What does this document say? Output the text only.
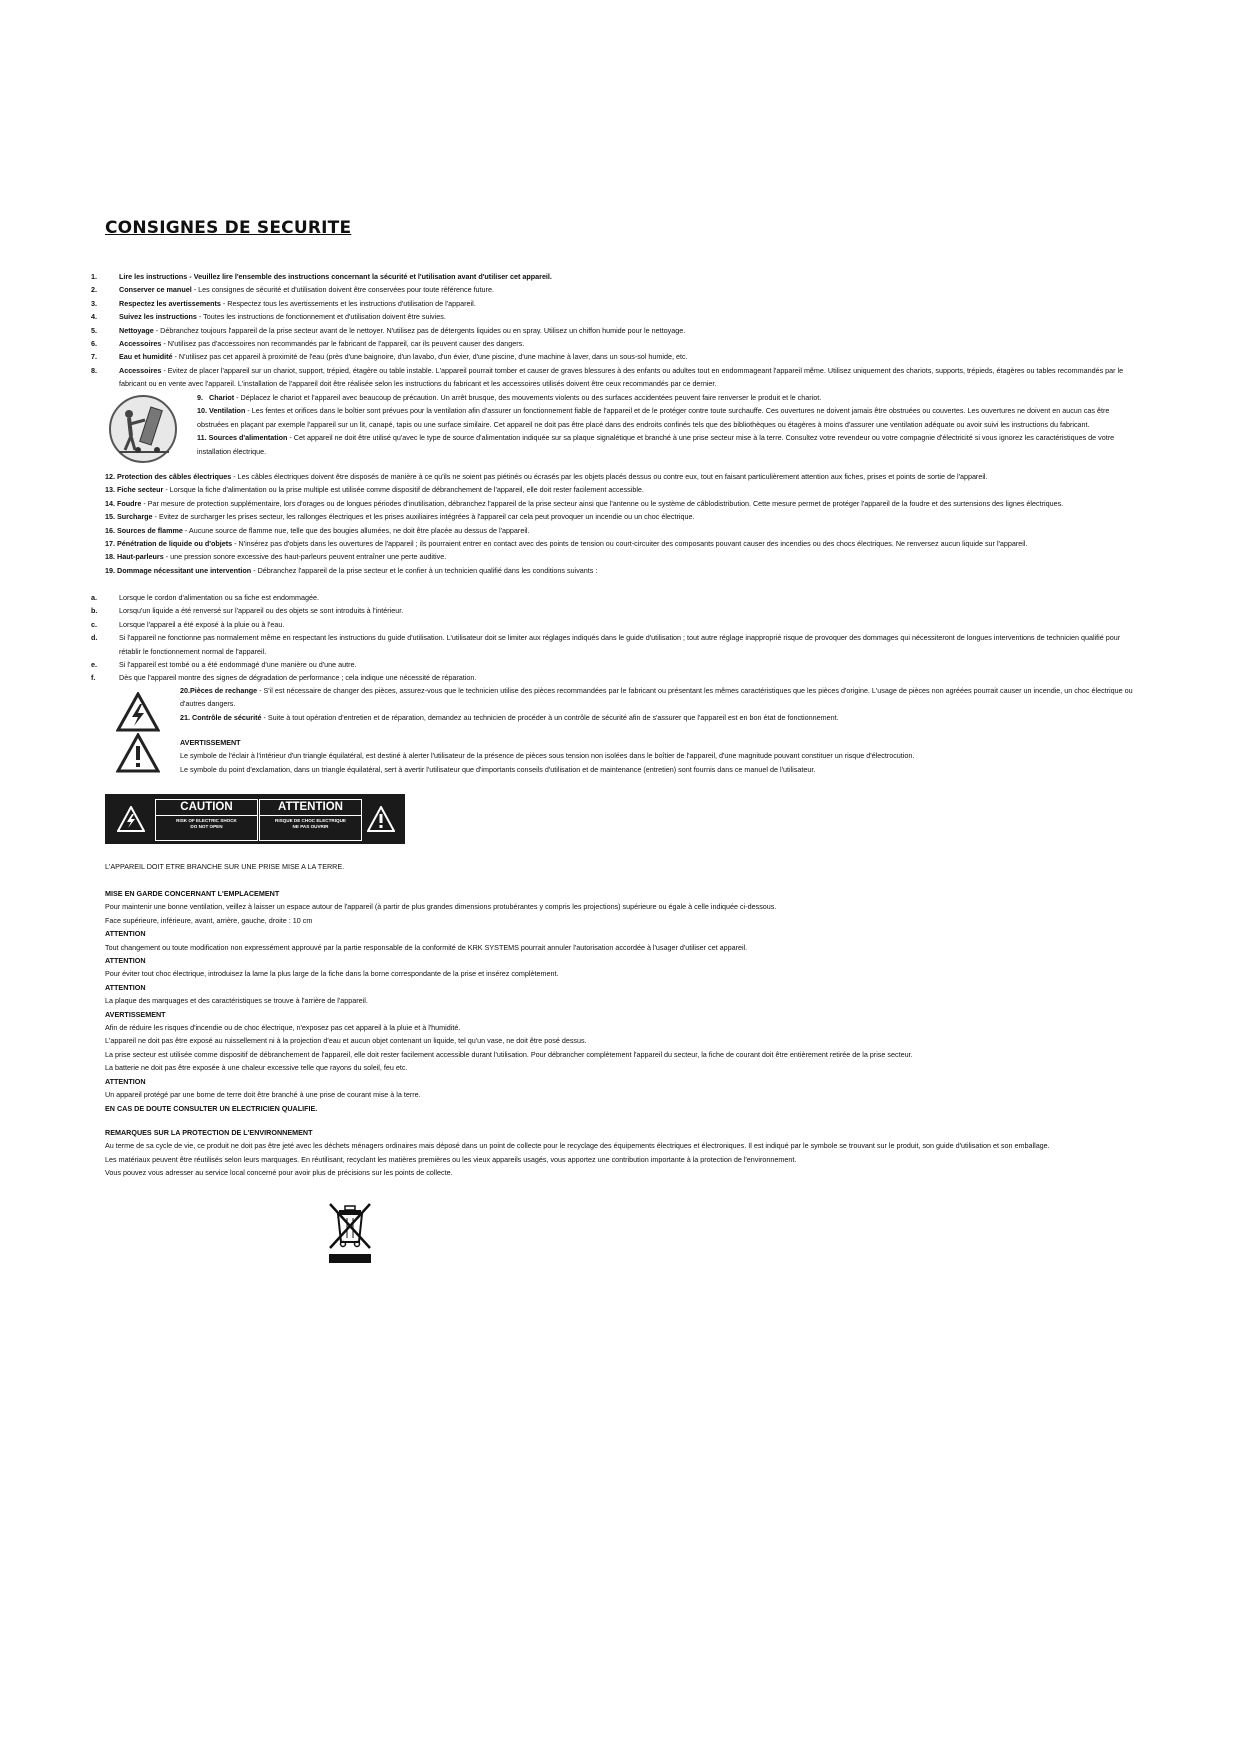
CONSIGNES DE SECURITE
1.	Lire les instructions - Veuillez lire l'ensemble des instructions concernant la sécurité et l'utilisation avant d'utiliser cet appareil.
2.	Conserver ce manuel - Les consignes de sécurité et d'utilisation doivent être conservées pour toute référence future.
3.	Respectez les avertissements - Respectez tous les avertissements et les instructions d'utilisation de l'appareil.
4.	Suivez les instructions - Toutes les instructions de fonctionnement et d'utilisation doivent être suivies.
5.	Nettoyage - Débranchez toujours l'appareil de la prise secteur avant de le nettoyer. N'utilisez pas de détergents liquides ou en spray. Utilisez un chiffon humide pour le nettoyage.
6.	Accessoires - N'utilisez pas d'accessoires non recommandés par le fabricant de l'appareil, car ils peuvent causer des dangers.
7.	Eau et humidité - N'utilisez pas cet appareil à proximité de l'eau (près d'une baignoire, d'un lavabo, d'un évier, d'une piscine, d'une machine à laver, dans un sous-sol humide, etc.
8.	Accessoires - Evitez de placer l'appareil sur un chariot, support, trépied, étagère ou table instable. L'appareil pourrait tomber et causer de graves blessures à des enfants ou adultes tout en endommageant l'appareil même. Utilisez uniquement des chariots, supports, trépieds, étagères ou tables recommandés par le fabricant ou en vente avec l'appareil. L'installation de l'appareil doit être réalisée selon les instructions du fabricant et les accessoires utilisés doivent être ceux recommandés par ce dernier.
9. Chariot - Déplacez le chariot et l'appareil avec beaucoup de précaution. Un arrêt brusque, des mouvements violents ou des surfaces accidentées peuvent faire renverser le produit et le chariot.
10. Ventilation - Les fentes et orifices dans le boîtier sont prévues pour la ventilation afin d'assurer un fonctionnement fiable de l'appareil et de le protéger contre toute surchauffe. Ces ouvertures ne doivent jamais être obstruées ou couvertes. Les ouvertures ne doivent en aucun cas être obstruées en plaçant par exemple l'appareil sur un lit, canapé, tapis ou une surface similaire. Cet appareil ne doit pas être placé dans des endroits confinés tels que des bibliothèques ou étagères à moins d'assurer une ventilation adéquate ou avoir suivi les instructions du fabricant.
11. Sources d'alimentation - Cet appareil ne doit être utilisé qu'avec le type de source d'alimentation indiquée sur sa plaque signalétique et branché à une prise secteur mise à la terre. Consultez votre revendeur ou votre compagnie d'électricité si vous ignorez les caractéristiques de votre installation électrique.
12. Protection des câbles électriques - Les câbles électriques doivent être disposés de manière à ce qu'ils ne soient pas piétinés ou écrasés par les objets placés dessus ou contre eux, tout en faisant particulièrement attention aux fiches, prises et points de sortie de l'appareil.
13. Fiche secteur - Lorsque la fiche d'alimentation ou la prise multiple est utilisée comme dispositif de débranchement de l'appareil, elle doit rester facilement accessible.
14. Foudre - Par mesure de protection supplémentaire, lors d'orages ou de longues périodes d'inutilisation, débranchez l'appareil de la prise secteur ainsi que l'antenne ou le système de câblodistribution. Cette mesure permet de protéger l'appareil de la foudre et des surtensions des lignes électriques.
15. Surcharge - Evitez de surcharger les prises secteur, les rallonges électriques et les prises auxiliaires intégrées à l'appareil car cela peut provoquer un incendie ou un choc électrique.
16. Sources de flamme - Aucune source de flamme nue, telle que des bougies allumées, ne doit être placée au dessus de l'appareil.
17. Pénétration de liquide ou d'objets - N'insérez pas d'objets dans les ouvertures de l'appareil ; ils pourraient entrer en contact avec des points de tension ou court-circuiter des composants pouvant causer des incendies ou des chocs électriques. Ne renversez aucun liquide sur l'appareil.
18. Haut-parleurs - une pression sonore excessive des haut-parleurs peuvent entraîner une perte auditive.
19. Dommage nécessitant une intervention - Débranchez l'appareil de la prise secteur et le confier à un technicien qualifié dans les conditions suivants :
a.	Lorsque le cordon d'alimentation ou sa fiche est endommagée.
b.	Lorsqu'un liquide a été renversé sur l'appareil ou des objets se sont introduits à l'intérieur.
c.	Lorsque l'appareil a été exposé à la pluie ou à l'eau.
d.	Si l'appareil ne fonctionne pas normalement même en respectant les instructions du guide d'utilisation. L'utilisateur doit se limiter aux réglages indiqués dans le guide d'utilisation ; tout autre réglage inapproprié risque de provoquer des dommages qui nécessiteront de longues interventions de technicien qualifié pour rétablir le fonctionnement normal de l'appareil.
e.	Si l'appareil est tombé ou a été endommagé d'une manière ou d'une autre.
f.	Dès que l'appareil montre des signes de dégradation de performance ; cela indique une nécessité de réparation.
20.Pièces de rechange - S'il est nécessaire de changer des pièces, assurez-vous que le technicien utilise des pièces recommandées par le fabricant ou présentant les mêmes caractéristiques que les pièces d'origine. L'usage de pièces non agréées pourrait causer un incendie, un choc électrique ou d'autres dangers.
21. Contrôle de sécurité - Suite à tout opération d'entretien et de réparation, demandez au technicien de procéder à un contrôle de sécurité afin de s'assurer que l'appareil est en bon état de fonctionnement.
AVERTISSEMENT
Le symbole de l'éclair à l'intérieur d'un triangle équilatéral, est destiné à alerter l'utilisateur de la présence de pièces sous tension non isolées dans le boîtier de l'appareil, d'une magnitude pouvant constituer un risque d'électrocution.
Le symbole du point d'exclamation, dans un triangle équilatéral, sert à avertir l'utilisateur que d'importants conseils d'utilisation et de maintenance (entretien) sont fournis dans ce manuel de l'utilisateur.
CAUTION
RISK OF ELECTRIC SHOCK
DO NOT OPEN
ATTENTION
RISQUE DE CHOC ELECTRIQUE
NE PAS OUVRIR
L'APPAREIL DOIT ETRE BRANCHE SUR UNE PRISE MISE A LA TERRE.
MISE EN GARDE CONCERNANT L'EMPLACEMENT
Pour maintenir une bonne ventilation, veillez à laisser un espace autour de l'appareil (à partir de plus grandes dimensions protubérantes y compris les projections) supérieure ou égale à celle indiquée ci-dessous.
Face supérieure, inférieure, avant, arrière, gauche, droite : 10 cm
ATTENTION
Tout changement ou toute modification non expressément approuvé par la partie responsable de la conformité de KRK SYSTEMS pourrait annuler l'autorisation accordée à l'usager d'utiliser cet appareil.
ATTENTION
Pour éviter tout choc électrique, introduisez la lame la plus large de la fiche dans la borne correspondante de la prise et insérez complètement.
ATTENTION
La plaque des marquages et des caractéristiques se trouve à l'arrière de l'appareil.
AVERTISSEMENT
Afin de réduire les risques d'incendie ou de choc électrique, n'exposez pas cet appareil à la pluie et à l'humidité.
L'appareil ne doit pas être exposé au ruissellement ni à la projection d'eau et aucun objet contenant un liquide, tel qu'un vase, ne doit être posé dessus.
La prise secteur est utilisée comme dispositif de débranchement de l'appareil, elle doit rester facilement accessible durant l'utilisation. Pour débrancher complètement l'appareil du secteur, la fiche de courant doit être entièrement retirée de la prise secteur.
La batterie ne doit pas être exposée à une chaleur excessive telle que rayons du soleil, feu etc.
ATTENTION
Un appareil protégé par une borne de terre doit être branché à une prise de courant mise à la terre.
EN CAS DE DOUTE CONSULTER UN ELECTRICIEN QUALIFIE.
REMARQUES SUR LA PROTECTION DE L'ENVIRONNEMENT
Au terme de sa cycle de vie, ce produit ne doit pas être jeté avec les déchets ménagers ordinaires mais déposé dans un point de collecte pour le recyclage des équipements électriques et électroniques. Il est indiqué par le symbole se trouvant sur le produit, son guide d'utilisation et son emballage.
Les matériaux peuvent être réutilisés selon leurs marquages. En réutilisant, recyclant les matières premières ou les vieux appareils usagés, vous apportez une contribution importante à la protection de l'environnement.
Vous pouvez vous adresser au service local concerné pour avoir plus de précisions sur les points de collecte.
